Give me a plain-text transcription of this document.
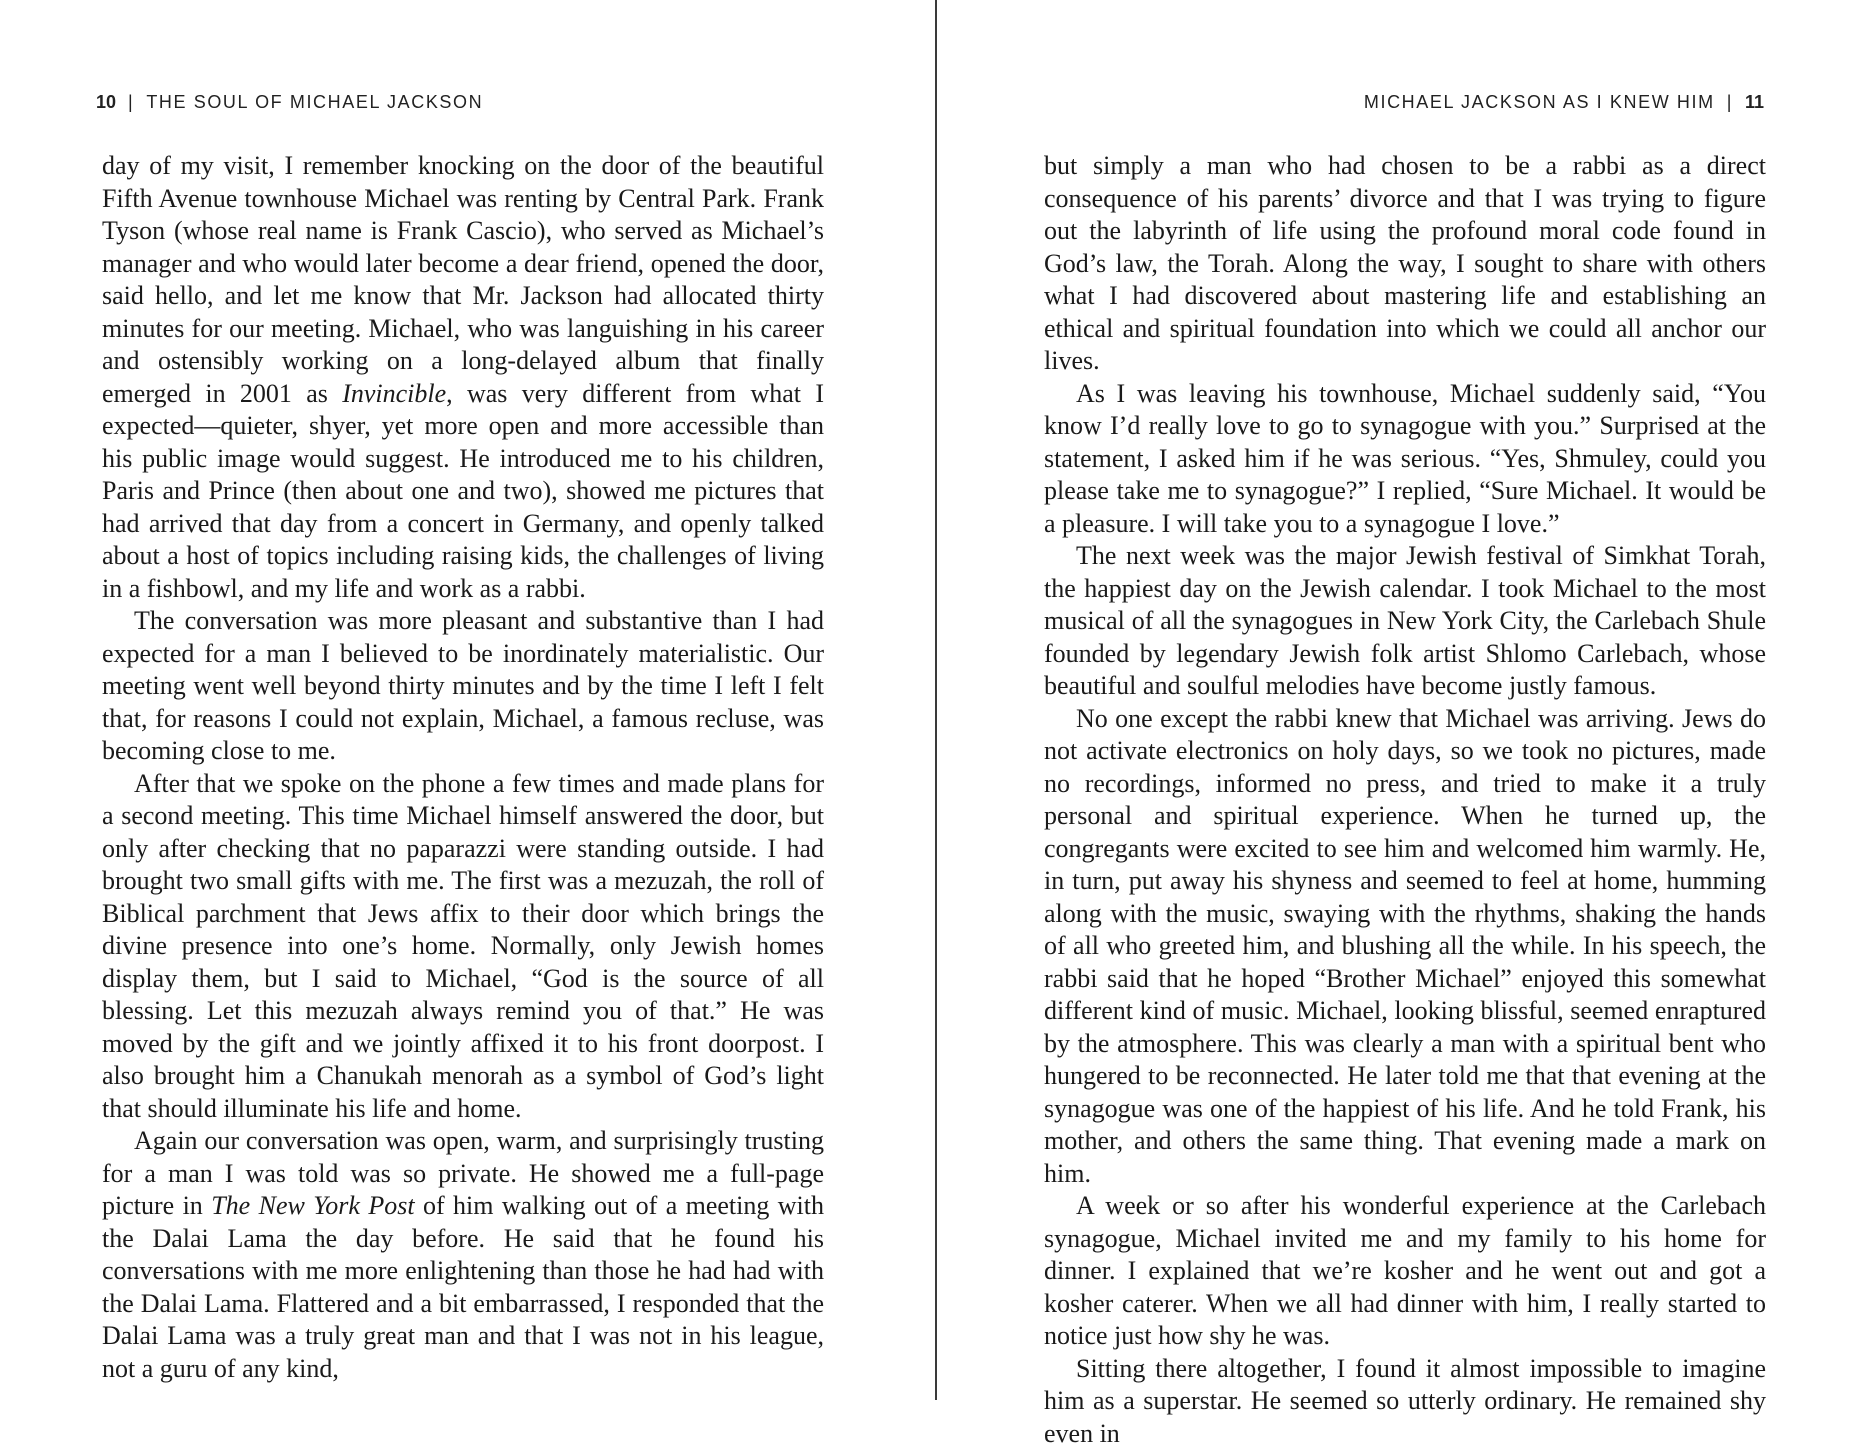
10 | THE SOUL OF MICHAEL JACKSON

day of my visit, I remember knocking on the door of the beautiful Fifth Avenue townhouse Michael was renting by Central Park. Frank Tyson (whose real name is Frank Cascio), who served as Michael’s manager and who would later become a dear friend, opened the door, said hello, and let me know that Mr. Jackson had allocated thirty minutes for our meeting. Michael, who was languishing in his career and ostensibly working on a long-delayed album that finally emerged in 2001 as Invincible, was very different from what I expected—quieter, shyer, yet more open and more accessible than his public image would suggest. He introduced me to his children, Paris and Prince (then about one and two), showed me pictures that had arrived that day from a concert in Germany, and openly talked about a host of topics including raising kids, the challenges of living in a fishbowl, and my life and work as a rabbi.

The conversation was more pleasant and substantive than I had expected for a man I believed to be inordinately materialistic. Our meeting went well beyond thirty minutes and by the time I left I felt that, for reasons I could not explain, Michael, a famous recluse, was becoming close to me.

After that we spoke on the phone a few times and made plans for a second meeting. This time Michael himself answered the door, but only after checking that no paparazzi were standing outside. I had brought two small gifts with me. The first was a mezuzah, the roll of Biblical parchment that Jews affix to their door which brings the divine presence into one’s home. Normally, only Jewish homes display them, but I said to Michael, “God is the source of all blessing. Let this mezuzah always remind you of that.” He was moved by the gift and we jointly affixed it to his front doorpost. I also brought him a Chanukah menorah as a symbol of God’s light that should illuminate his life and home.

Again our conversation was open, warm, and surprisingly trusting for a man I was told was so private. He showed me a full-page picture in The New York Post of him walking out of a meeting with the Dalai Lama the day before. He said that he found his conversations with me more enlightening than those he had had with the Dalai Lama. Flattered and a bit embarrassed, I responded that the Dalai Lama was a truly great man and that I was not in his league, not a guru of any kind,

MICHAEL JACKSON AS I KNEW HIM | 11

but simply a man who had chosen to be a rabbi as a direct consequence of his parents’ divorce and that I was trying to figure out the labyrinth of life using the profound moral code found in God’s law, the Torah. Along the way, I sought to share with others what I had discovered about mastering life and establishing an ethical and spiritual foundation into which we could all anchor our lives.

As I was leaving his townhouse, Michael suddenly said, “You know I’d really love to go to synagogue with you.” Surprised at the statement, I asked him if he was serious. “Yes, Shmuley, could you please take me to synagogue?” I replied, “Sure Michael. It would be a pleasure. I will take you to a synagogue I love.”

The next week was the major Jewish festival of Simkhat Torah, the happiest day on the Jewish calendar. I took Michael to the most musical of all the synagogues in New York City, the Carlebach Shule founded by legendary Jewish folk artist Shlomo Carlebach, whose beautiful and soulful melodies have become justly famous.

No one except the rabbi knew that Michael was arriving. Jews do not activate electronics on holy days, so we took no pictures, made no recordings, informed no press, and tried to make it a truly personal and spiritual experience. When he turned up, the congregants were excited to see him and welcomed him warmly. He, in turn, put away his shyness and seemed to feel at home, humming along with the music, swaying with the rhythms, shaking the hands of all who greeted him, and blushing all the while. In his speech, the rabbi said that he hoped “Brother Michael” enjoyed this somewhat different kind of music. Michael, looking blissful, seemed enraptured by the atmosphere. This was clearly a man with a spiritual bent who hungered to be reconnected. He later told me that that evening at the synagogue was one of the happiest of his life. And he told Frank, his mother, and others the same thing. That evening made a mark on him.

A week or so after his wonderful experience at the Carlebach synagogue, Michael invited me and my family to his home for dinner. I explained that we’re kosher and he went out and got a kosher caterer. When we all had dinner with him, I really started to notice just how shy he was.

Sitting there altogether, I found it almost impossible to imagine him as a superstar. He seemed so utterly ordinary. He remained shy even in
